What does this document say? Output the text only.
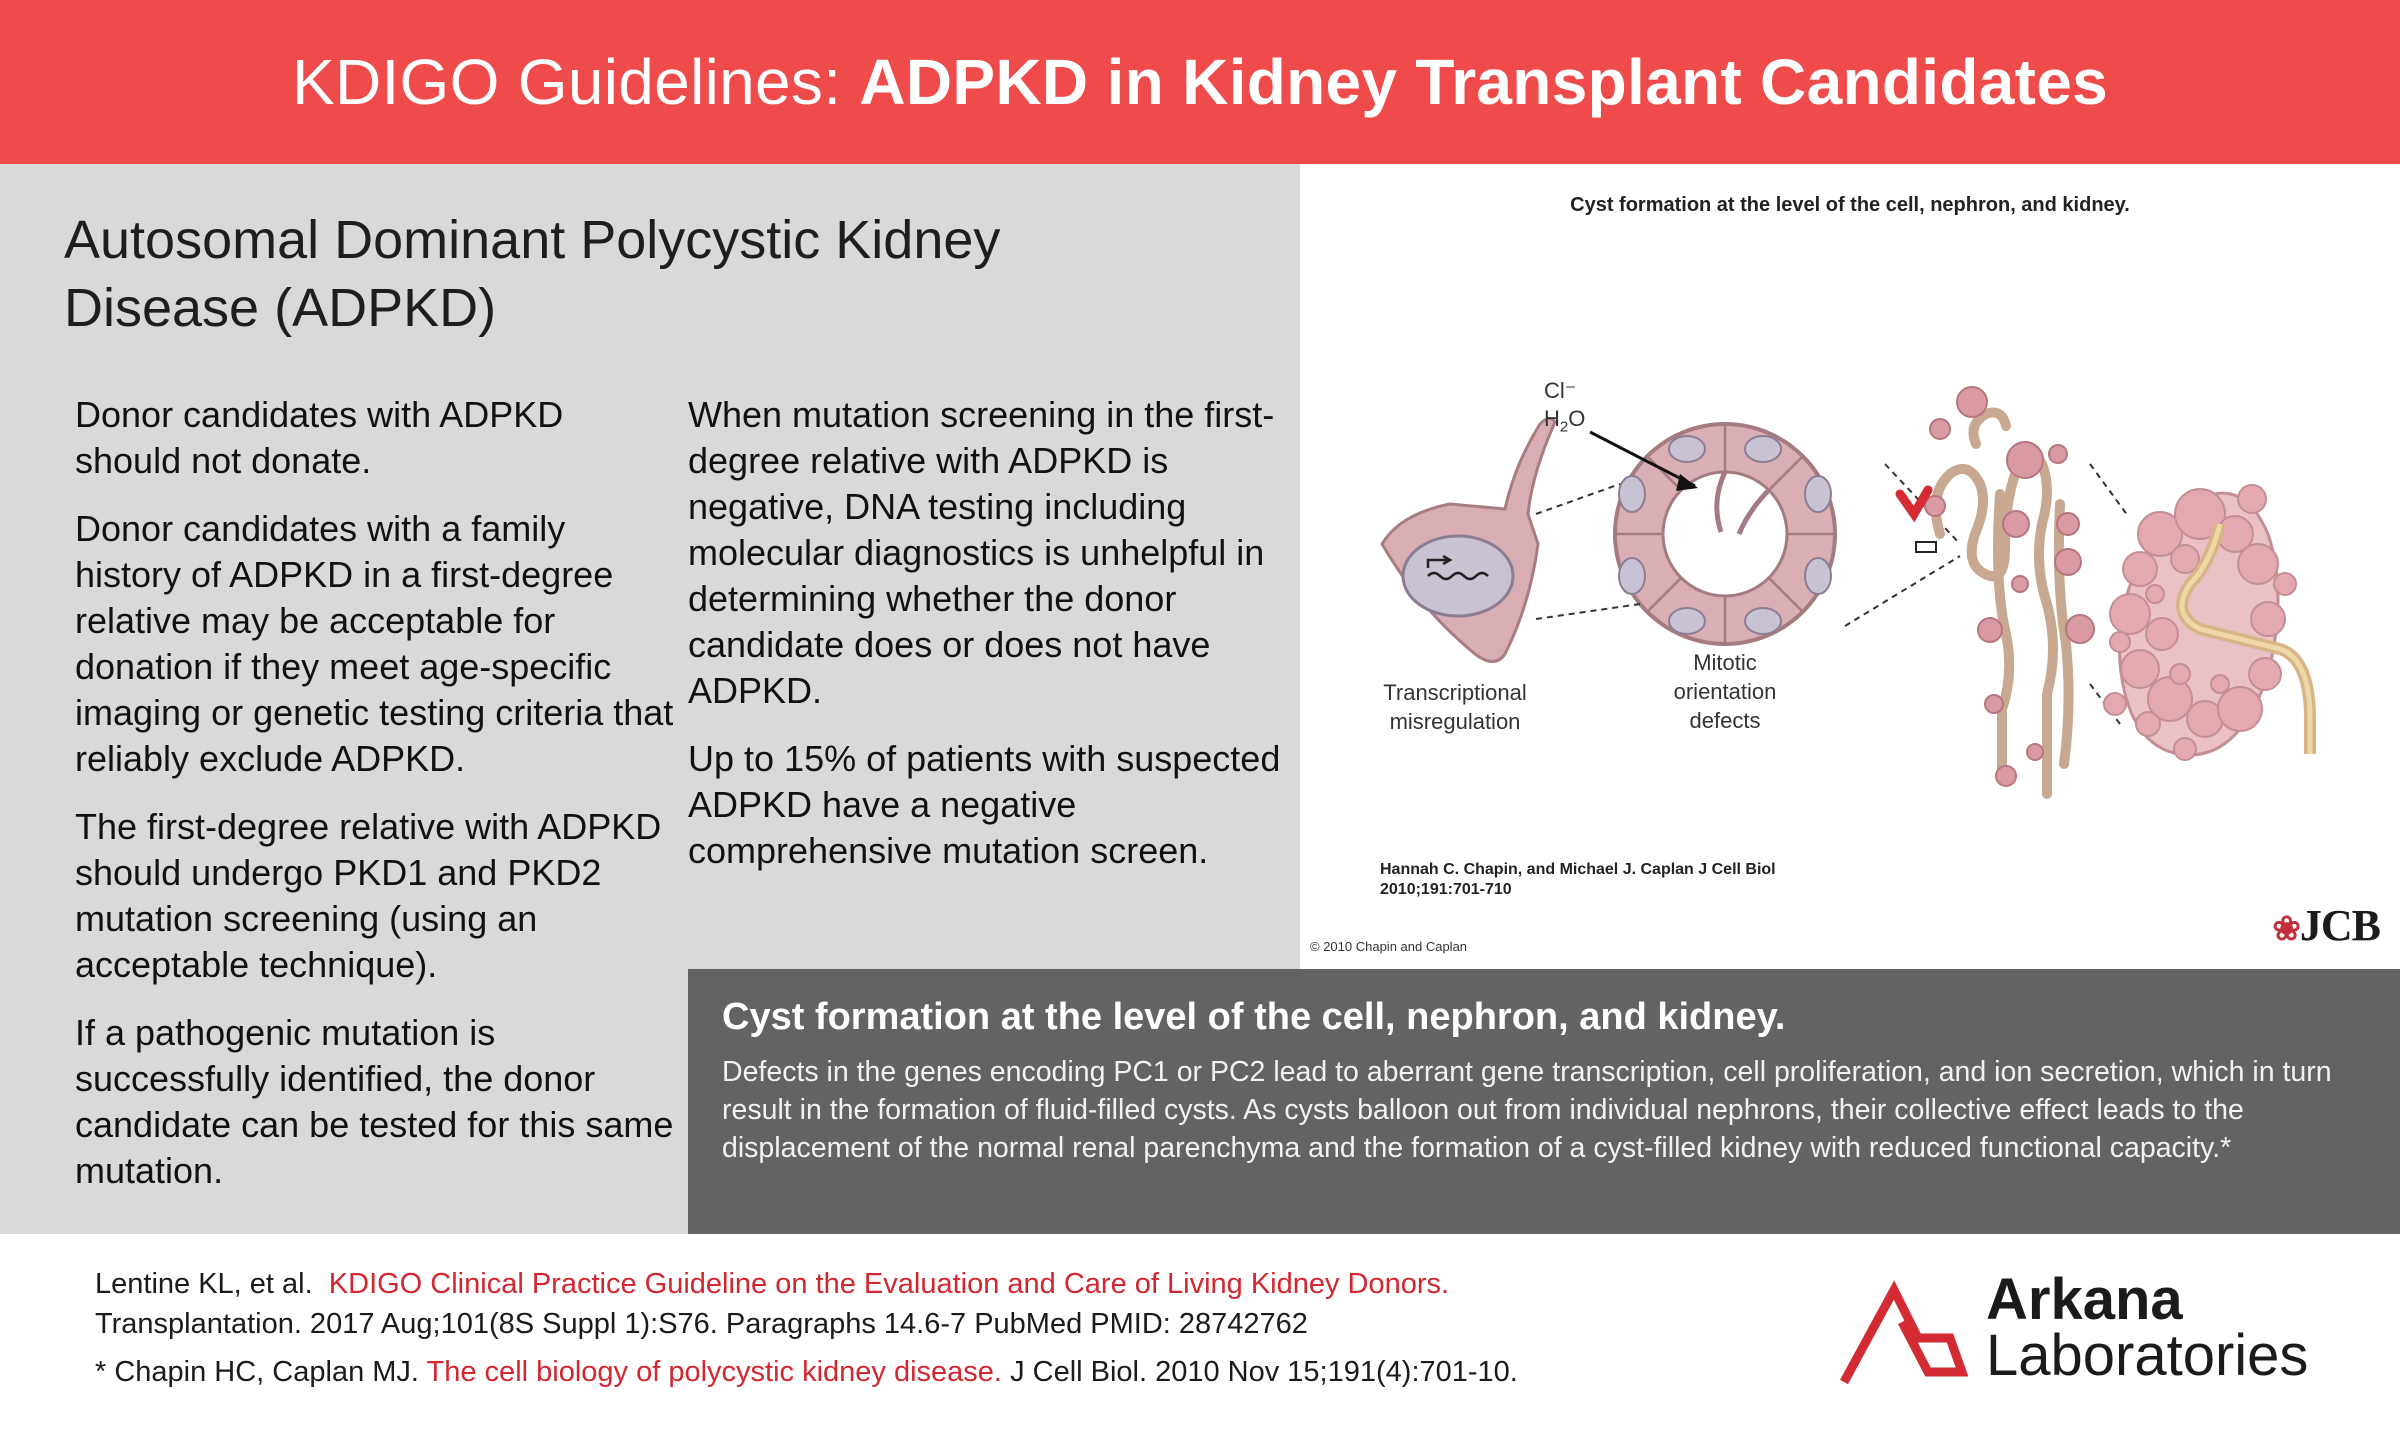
KDIGO Guidelines: ADPKD in Kidney Transplant Candidates
Autosomal Dominant Polycystic Kidney Disease (ADPKD)

Donor candidates with ADPKD should not donate.

Donor candidates with a family history of ADPKD in a first-degree relative may be acceptable for donation if they meet age-specific imaging or genetic testing criteria that reliably exclude ADPKD.

The first-degree relative with ADPKD should undergo PKD1 and PKD2 mutation screening (using an acceptable technique).

If a pathogenic mutation is successfully identified, the donor candidate can be tested for this same mutation.

When mutation screening in the first-degree relative with ADPKD is negative, DNA testing including molecular diagnostics is unhelpful in determining whether the donor candidate does or does not have ADPKD.

Up to 15% of patients with suspected ADPKD have a negative comprehensive mutation screen.

Cyst formation at the level of the cell, nephron, and kidney.
Cl⁻
$H_2O$
Transcriptional
misregulation
Mitotic
orientation
defects
Hannah C. Chapin, and Michael J. Caplan J Cell Biol
2010;191:701-710
© 2010 Chapin and Caplan	❀JCB
Cyst formation at the level of the cell, nephron, and kidney.
Defects in the genes encoding PC1 or PC2 lead to aberrant gene transcription, cell proliferation, and ion secretion, which in turn result in the formation of fluid-filled cysts. As cysts balloon out from individual nephrons, their collective effect leads to the displacement of the normal renal parenchyma and the formation of a cyst-filled kidney with reduced functional capacity.*
Lentine KL, et al. KDIGO Clinical Practice Guideline on the Evaluation and Care of Living Kidney Donors.
Transplantation. 2017 Aug;101(8S Suppl 1):S76. Paragraphs 14.6-7 PubMed PMID: 28742762
* Chapin HC, Caplan MJ. The cell biology of polycystic kidney disease. J Cell Biol. 2010 Nov 15;191(4):701-10.
Arkana
Laboratories
